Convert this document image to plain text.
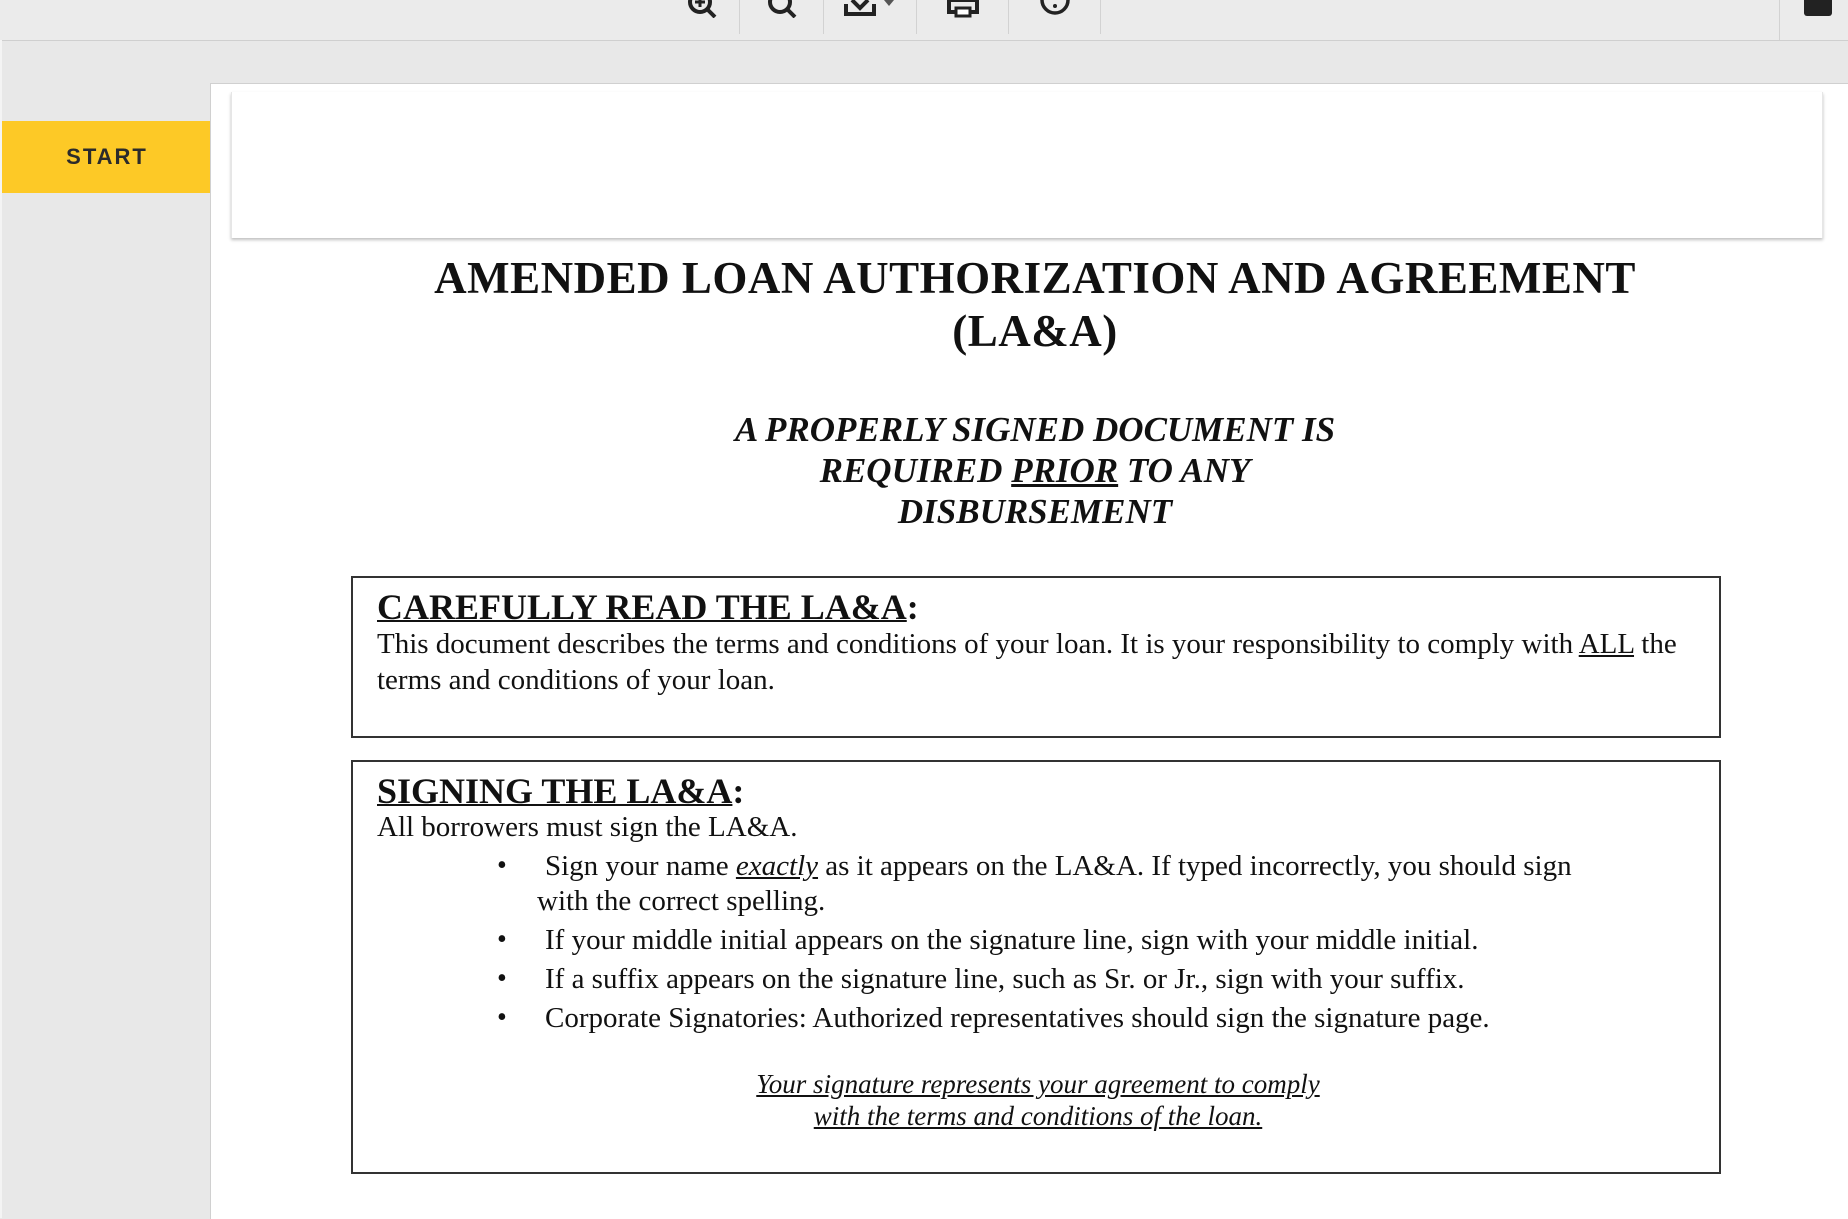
START
AMENDED LOAN AUTHORIZATION AND AGREEMENT
(LA&A)
A PROPERLY SIGNED DOCUMENT IS
REQUIRED PRIOR TO ANY
DISBURSEMENT
CAREFULLY READ THE LA&A:
This document describes the terms and conditions of your loan. It is your responsibility to comply with ALL the terms and conditions of your loan.
SIGNING THE LA&A:
All borrowers must sign the LA&A.
• Sign your name exactly as it appears on the LA&A. If typed incorrectly, you should sign
with the correct spelling.
• If your middle initial appears on the signature line, sign with your middle initial.
• If a suffix appears on the signature line, such as Sr. or Jr., sign with your suffix.
• Corporate Signatories: Authorized representatives should sign the signature page.
Your signature represents your agreement to comply
with the terms and conditions of the loan.
